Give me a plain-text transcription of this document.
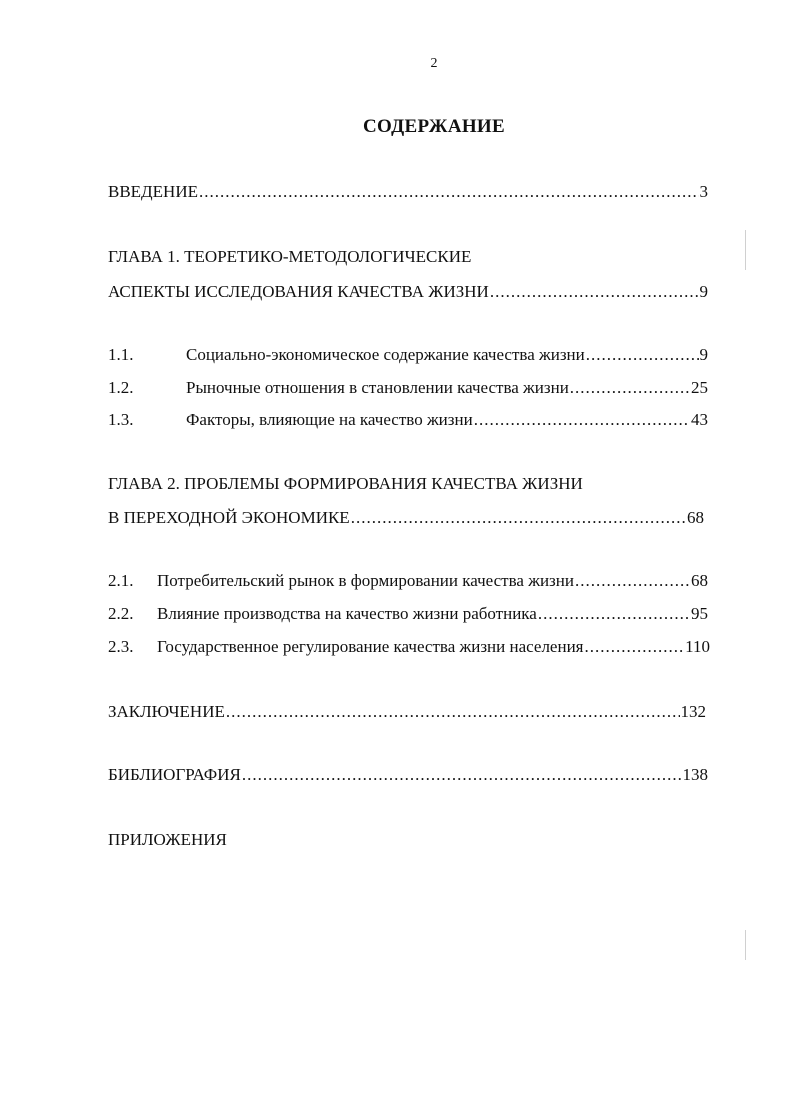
2
СОДЕРЖАНИЕ
ВВЕДЕНИЕ .....	3
ГЛАВА 1. ТЕОРЕТИКО-МЕТОДОЛОГИЧЕСКИЕ
АСПЕКТЫ ИССЛЕДОВАНИЯ КАЧЕСТВА ЖИЗНИ .....	9
1.1.	Социально-экономическое содержание качества жизни .....	9
1.2.	Рыночные отношения в становлении качества жизни .....	25
1.3.	Факторы, влияющие на качество жизни .....	43
ГЛАВА 2. ПРОБЛЕМЫ ФОРМИРОВАНИЯ КАЧЕСТВА ЖИЗНИ
В ПЕРЕХОДНОЙ ЭКОНОМИКЕ .....	68
2.1.	Потребительский рынок в формировании качества жизни .....	68
2.2.	Влияние производства на качество жизни работника .....	95
2.3.	Государственное регулирование качества жизни населения .....	110
ЗАКЛЮЧЕНИЕ .....	132
БИБЛИОГРАФИЯ .....	138
ПРИЛОЖЕНИЯ
